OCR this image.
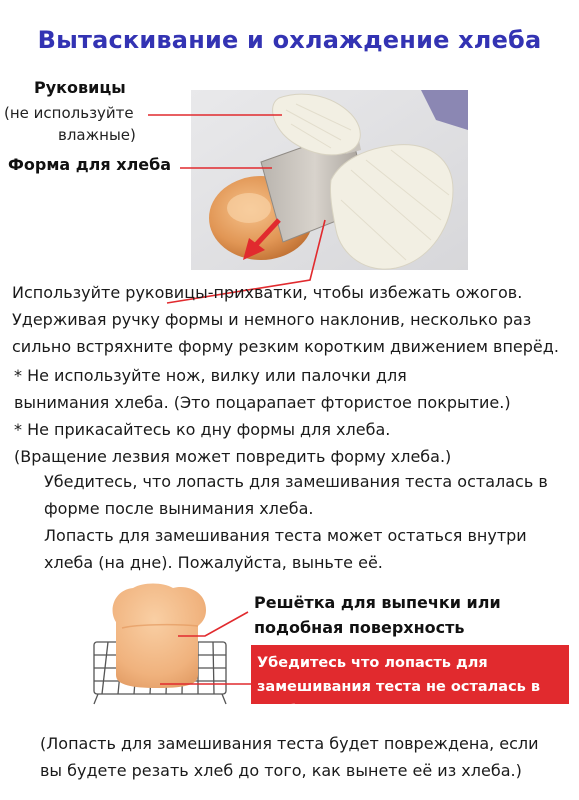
Вытаскивание и охлаждение хлеба
Руковицы
(не используйте
влажные)
Форма для хлеба

Используйте руковицы-прихватки, чтобы избежать ожогов.

Удерживая ручку формы и немного наклонив, несколько раз

сильно встряхните форму резким коротким движением вперёд.

* Не используйте нож, вилку или палочки для

вынимания хлеба. (Это поцарапает фтористое покрытие.)

* Не прикасайтесь ко дну формы для хлеба.

(Вращение лезвия может повредить форму хлеба.)

Убедитесь, что лопасть для замешивания теста осталась в

форме после вынимания хлеба.

Лопасть для замешивания теста может остаться внутри

хлеба (на дне). Пожалуйста, выньте её.

Решётка для выпечки или
подобная поверхность

Убедитесь что лопасть для

замешивания теста не осталась в хлебе

(Лопасть для замешивания теста будет повреждена, если

вы будете резать хлеб до того, как вынете её из хлеба.)
